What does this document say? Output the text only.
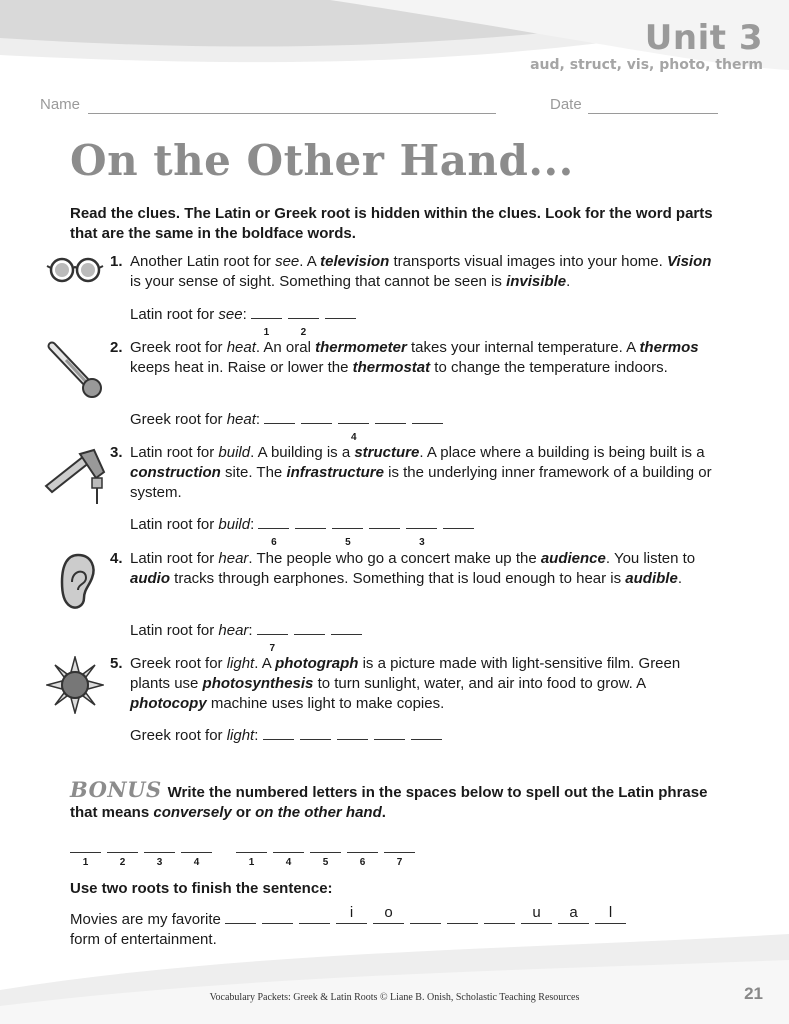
Unit 3
aud, struct, vis, photo, therm
Name	Date
On the Other Hand...
Read the clues. The Latin or Greek root is hidden within the clues. Look for the word parts that are the same in the boldface words.
1. Another Latin root for see. A television transports visual images into your home. Vision is your sense of sight. Something that cannot be seen is invisible.
Latin root for see:
1	2
2. Greek root for heat. An oral thermometer takes your internal temperature. A thermos keeps heat in. Raise or lower the thermostat to change the temperature indoors.
Greek root for heat:
4
3. Latin root for build. A building is a structure. A place where a building is being built is a construction site. The infrastructure is the underlying inner framework of a building or system.
Latin root for build:
6	5	3
4. Latin root for hear. The people who go a concert make up the audience. You listen to audio tracks through earphones. Something that is loud enough to hear is audible.
Latin root for hear:
7
5. Greek root for light. A photograph is a picture made with light-sensitive film. Green plants use photosynthesis to turn sunlight, water, and air into food to grow. A photocopy machine uses light to make copies.
Greek root for light:
BONUS Write the numbered letters in the spaces below to spell out the Latin phrase that means conversely or on the other hand.
1	2	3	4	1	4	5	6	7
Use two roots to finish the sentence:
Movies are my favorite	i	o	u	a	l

form of entertainment.
Vocabulary Packets: Greek & Latin Roots © Liane B. Onish, Scholastic Teaching Resources	21
